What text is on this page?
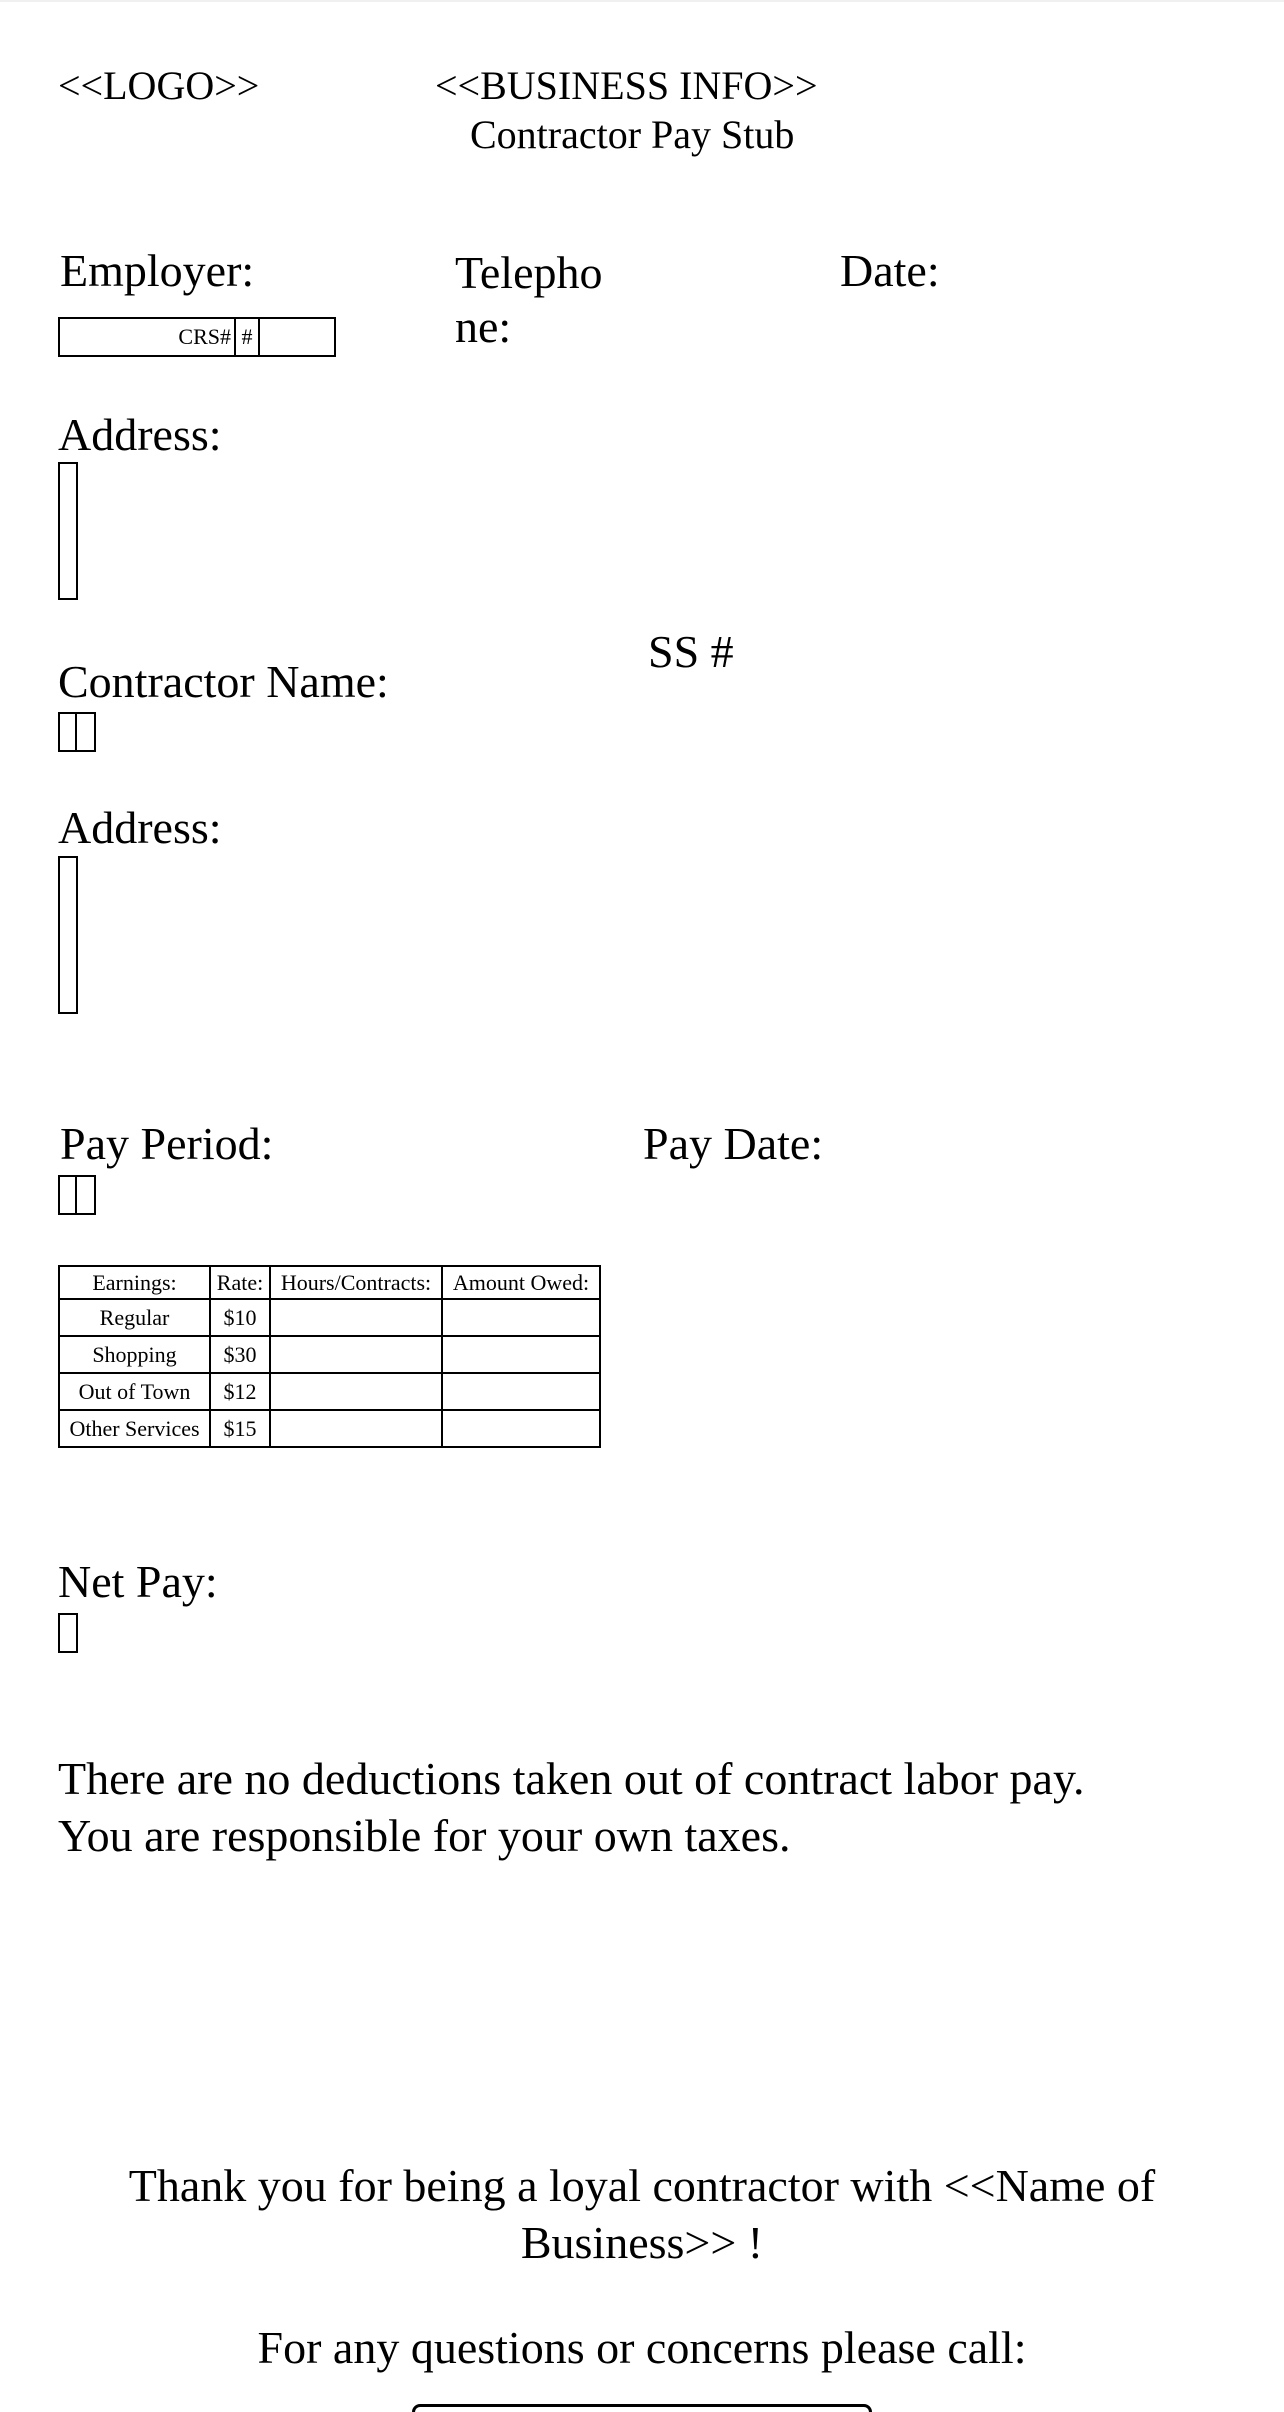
<<LOGO>>	<<BUSINESS INFO>>
Contractor Pay Stub
Employer:
CRS# #
Telepho
ne:
Date:
Address:
SS #
Contractor Name:
Address:
Pay Period:	Pay Date:
Earnings:	Rate:	Hours/Contracts:	Amount Owed:
Regular	$10		
Shopping	$30		
Out of Town	$12		
Other Services	$15		
Net Pay:
There are no deductions taken out of contract labor pay.
You are responsible for your own taxes.
Thank you for being a loyal contractor with <<Name of
Business>> !
For any questions or concerns please call:
